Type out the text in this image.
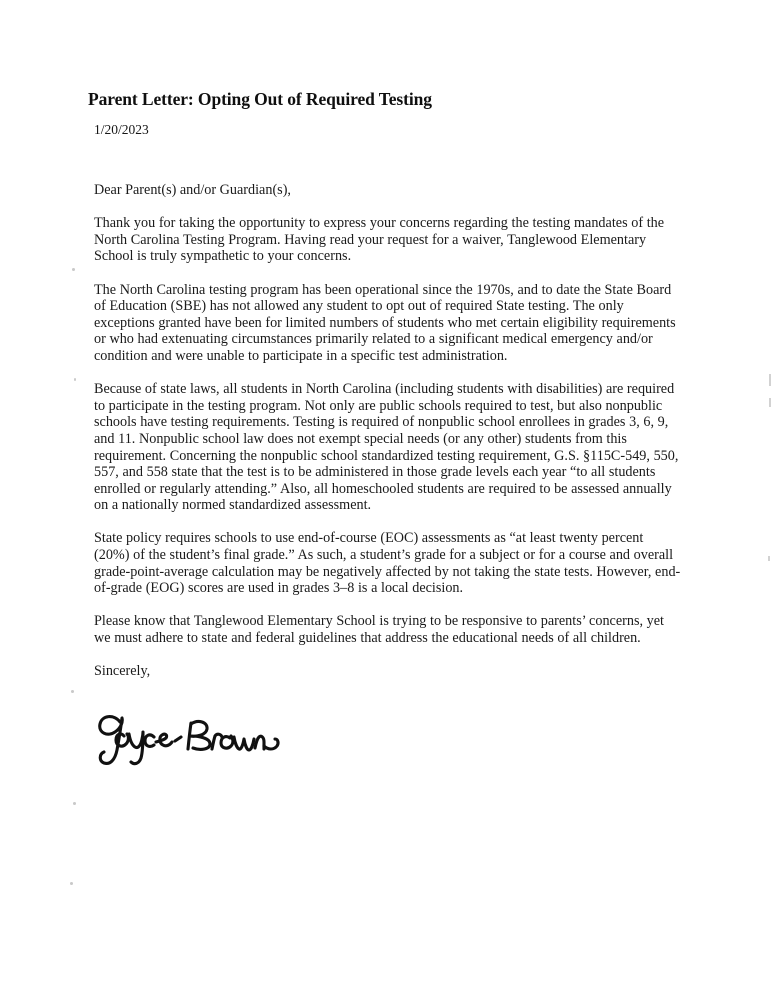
Parent Letter: Opting Out of Required Testing
1/20/2023

Dear Parent(s) and/or Guardian(s),

Thank you for taking the opportunity to express your concerns regarding the testing mandates of the North Carolina Testing Program. Having read your request for a waiver, Tanglewood Elementary School is truly sympathetic to your concerns.

The North Carolina testing program has been operational since the 1970s, and to date the State Board of Education (SBE) has not allowed any student to opt out of required State testing. The only exceptions granted have been for limited numbers of students who met certain eligibility requirements or who had extenuating circumstances primarily related to a significant medical emergency and/or condition and were unable to participate in a specific test administration.

Because of state laws, all students in North Carolina (including students with disabilities) are required to participate in the testing program. Not only are public schools required to test, but also nonpublic schools have testing requirements. Testing is required of nonpublic school enrollees in grades 3, 6, 9, and 11. Nonpublic school law does not exempt special needs (or any other) students from this requirement. Concerning the nonpublic school standardized testing requirement, G.S. §115C-549, 550, 557, and 558 state that the test is to be administered in those grade levels each year “to all students enrolled or regularly attending.” Also, all homeschooled students are required to be assessed annually on a nationally normed standardized assessment.

State policy requires schools to use end-of-course (EOC) assessments as “at least twenty percent (20%) of the student’s final grade.” As such, a student’s grade for a subject or for a course and overall grade-point-average calculation may be negatively affected by not taking the state tests. However, end-of-grade (EOG) scores are used in grades 3–8 is a local decision.

Please know that Tanglewood Elementary School is trying to be responsive to parents’ concerns, yet we must adhere to state and federal guidelines that address the educational needs of all children.

Sincerely,
